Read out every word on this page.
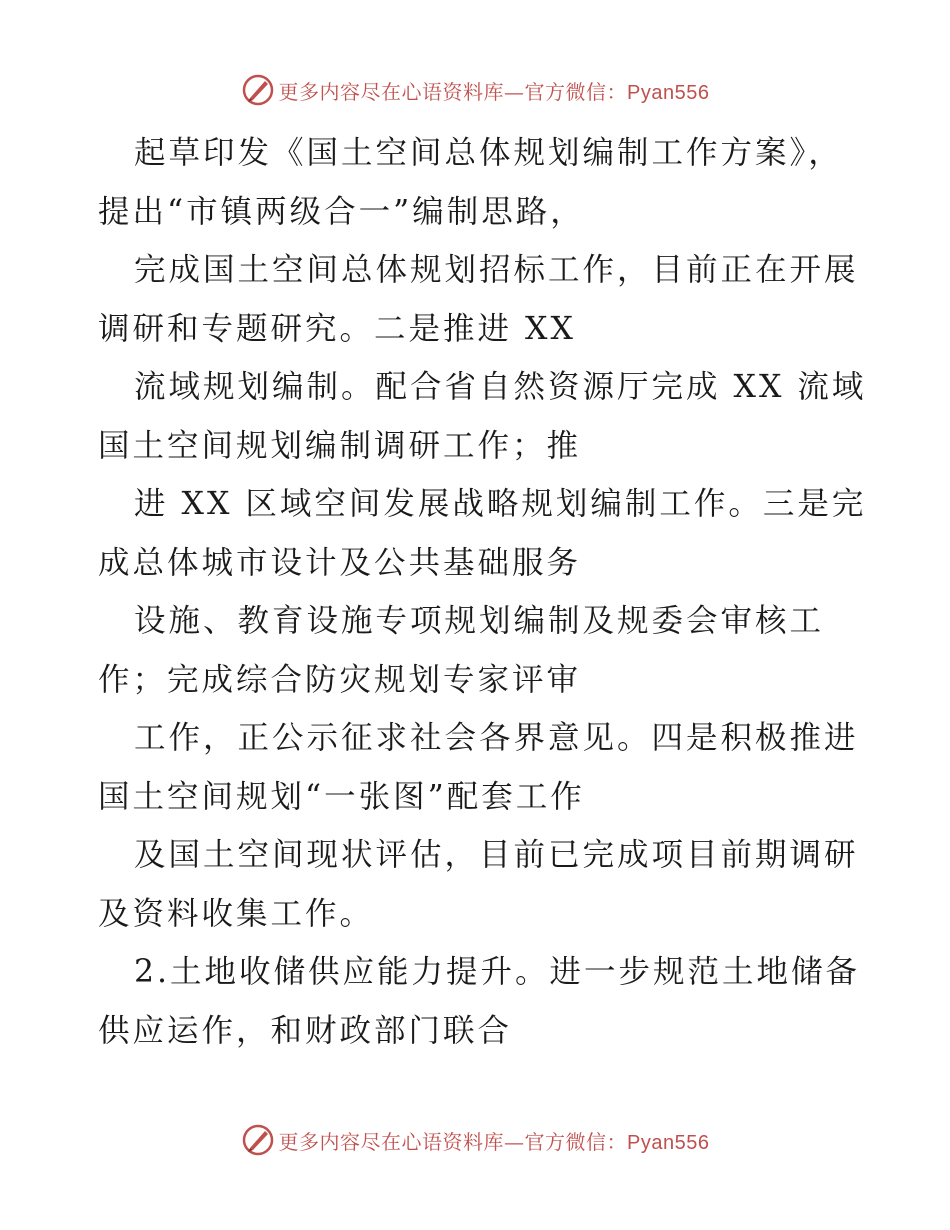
更多内容尽在心语资料库—官方微信：Pyan556
起草印发《国土空间总体规划编制工作方案》，
提出“市镇两级合一”编制思路，
完成国土空间总体规划招标工作，目前正在开展
调研和专题研究。二是推进 XX
流域规划编制。配合省自然资源厅完成 XX 流域
国土空间规划编制调研工作；推
进 XX 区域空间发展战略规划编制工作。三是完
成总体城市设计及公共基础服务
设施、教育设施专项规划编制及规委会审核工
作；完成综合防灾规划专家评审
工作，正公示征求社会各界意见。四是积极推进
国土空间规划“一张图”配套工作
及国土空间现状评估，目前已完成项目前期调研
及资料收集工作。
2.土地收储供应能力提升。进一步规范土地储备
供应运作，和财政部门联合
更多内容尽在心语资料库—官方微信：Pyan556
